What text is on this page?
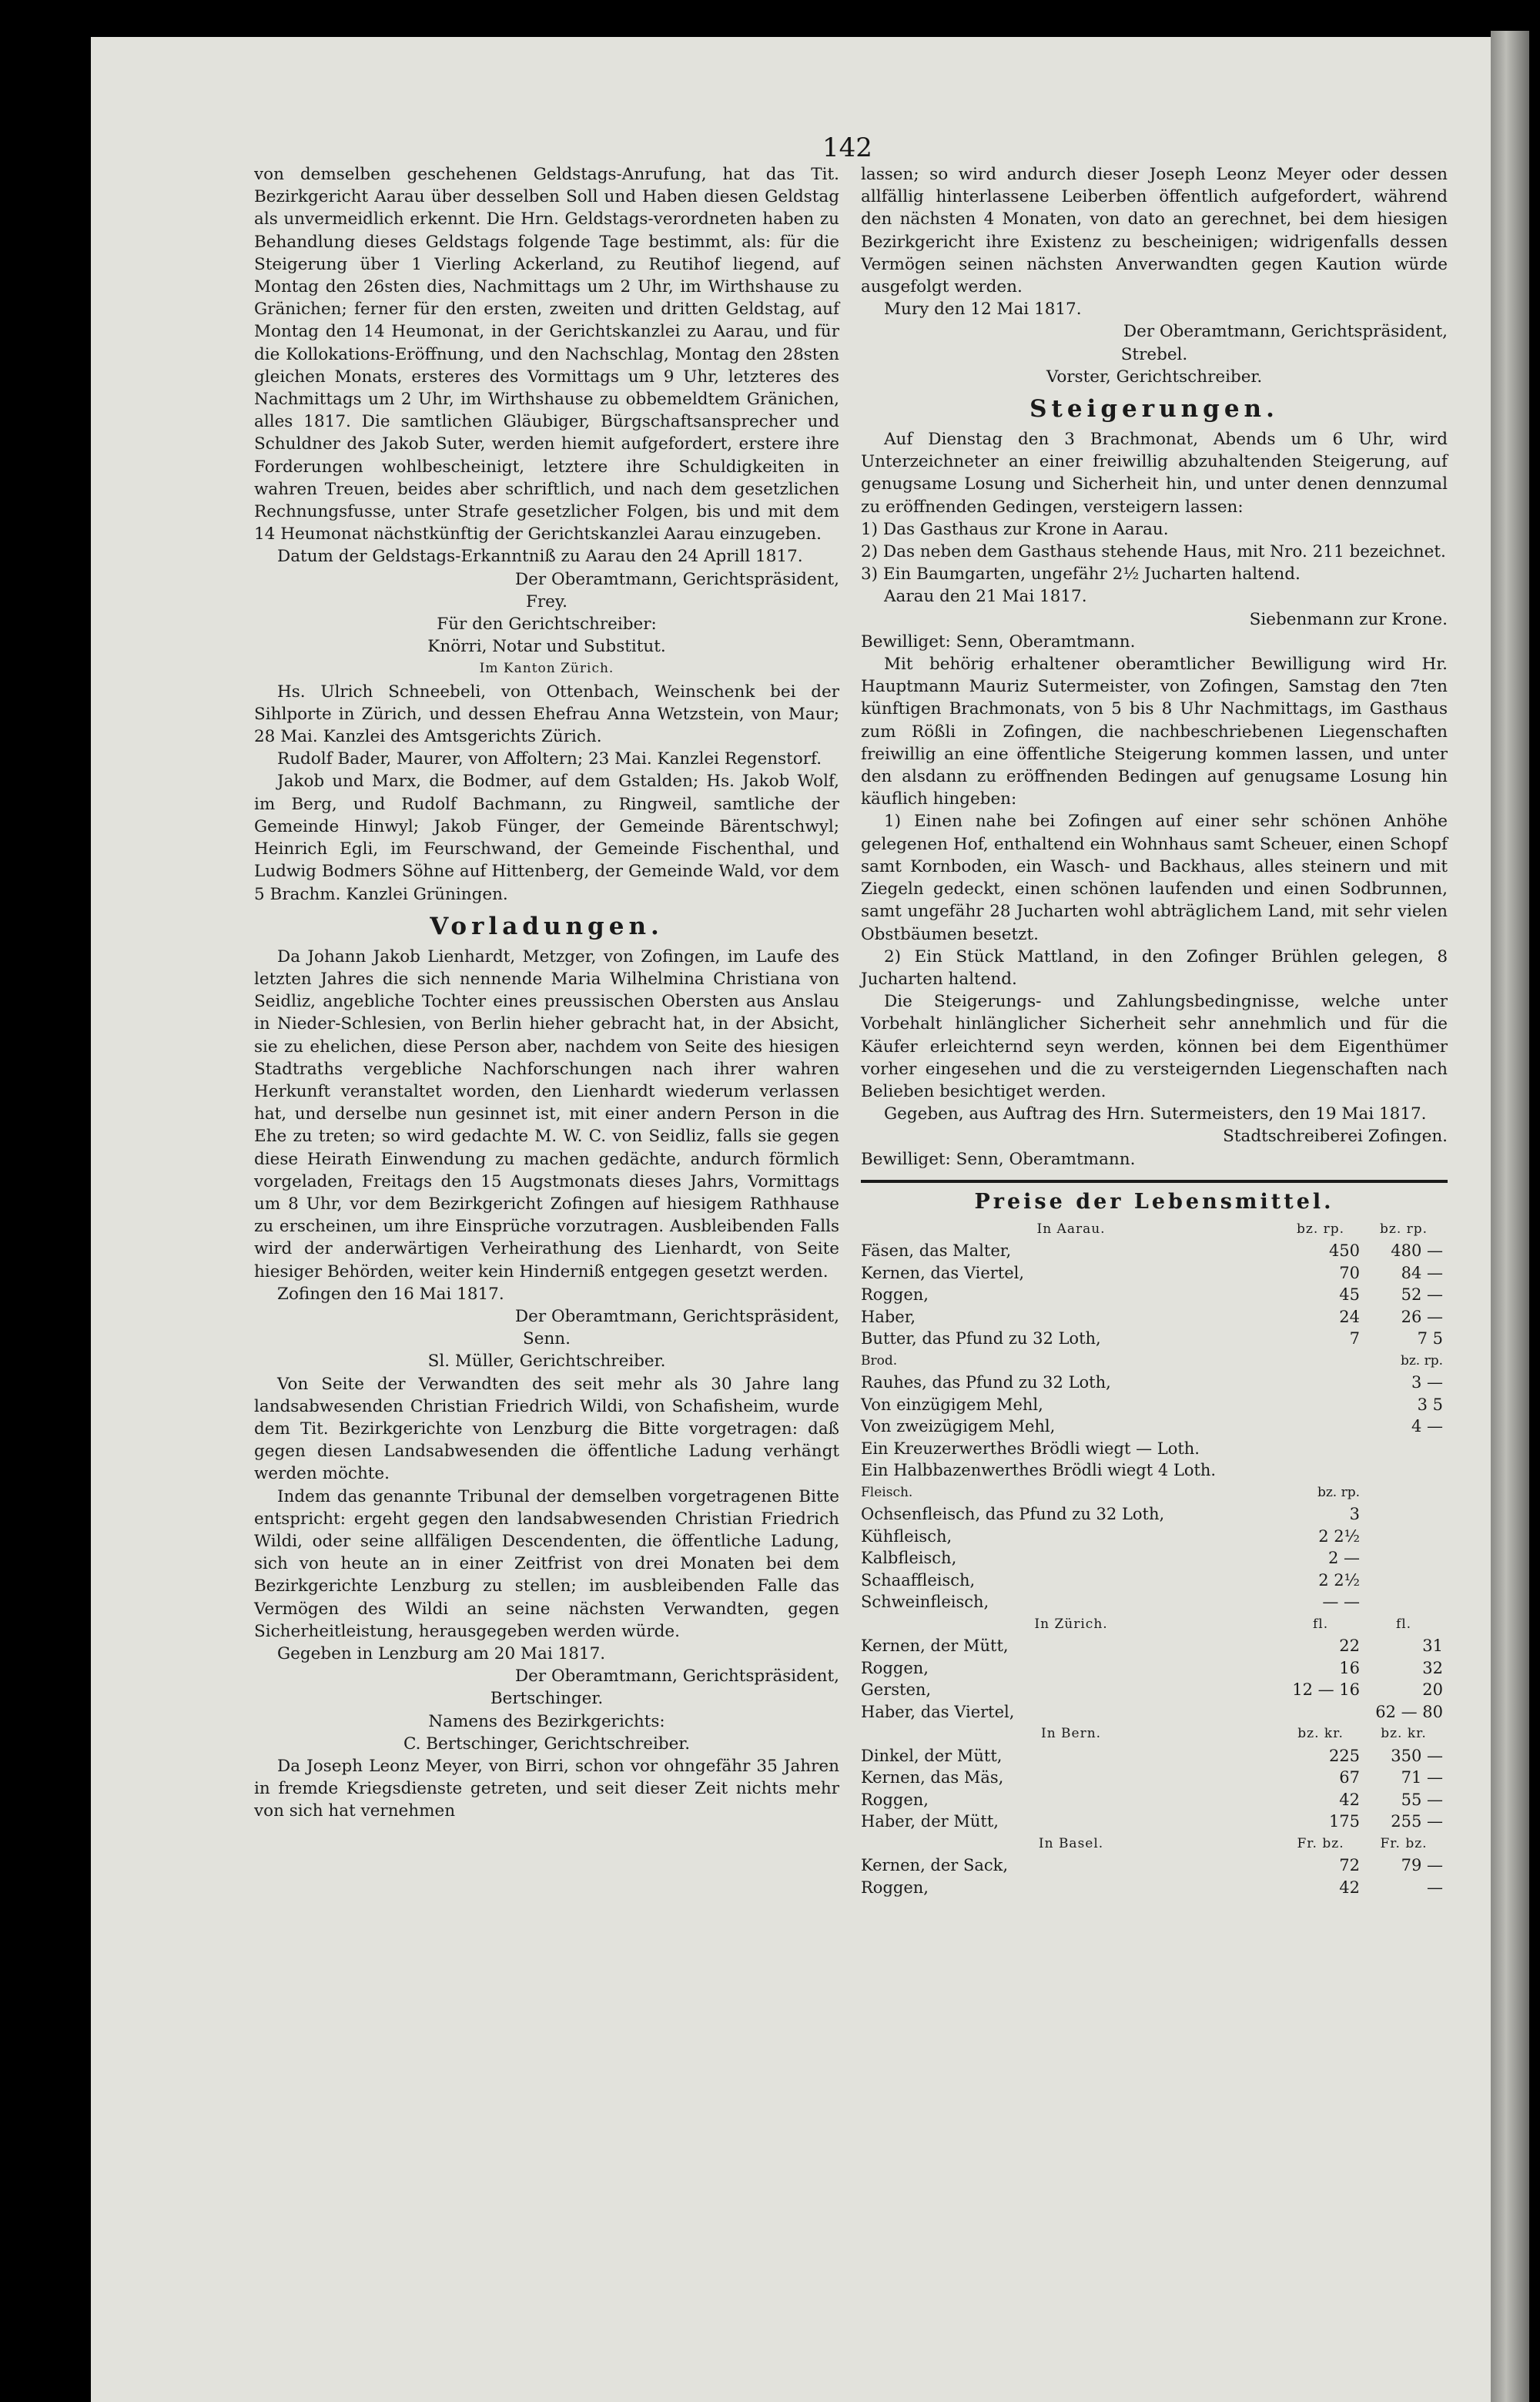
142

von demselben geschehenen Geldstags-Anrufung, hat das Tit. Bezirkgericht Aarau über desselben Soll und Haben diesen Geldstag als unvermeidlich erkennt. Die Hrn. Geldstags-verordneten haben zu Behandlung dieses Geldstags folgende Tage bestimmt, als: für die Steigerung über 1 Vierling Ackerland, zu Reutihof liegend, auf Montag den 26sten dies, Nachmittags um 2 Uhr, im Wirthshause zu Gränichen; ferner für den ersten, zweiten und dritten Geldstag, auf Montag den 14 Heumonat, in der Gerichtskanzlei zu Aarau, und für die Kollokations-Eröffnung, und den Nachschlag, Montag den 28sten gleichen Monats, ersteres des Vormittags um 9 Uhr, letzteres des Nachmittags um 2 Uhr, im Wirthshause zu obbemeldtem Gränichen, alles 1817. Die samtlichen Gläubiger, Bürgschaftsansprecher und Schuldner des Jakob Suter, werden hiemit aufgefordert, erstere ihre Forderungen wohlbescheinigt, letztere ihre Schuldigkeiten in wahren Treuen, beides aber schriftlich, und nach dem gesetzlichen Rechnungsfusse, unter Strafe gesetzlicher Folgen, bis und mit dem 14 Heumonat nächstkünftig der Gerichtskanzlei Aarau einzugeben.

Datum der Geldstags-Erkanntniß zu Aarau den 24 Aprill 1817.

Der Oberamtmann, Gerichtspräsident,

Frey.

Für den Gerichtschreiber:

Knörri, Notar und Substitut.

Im Kanton Zürich.

Hs. Ulrich Schneebeli, von Ottenbach, Weinschenk bei der Sihlporte in Zürich, und dessen Ehefrau Anna Wetzstein, von Maur; 28 Mai. Kanzlei des Amtsgerichts Zürich.

Rudolf Bader, Maurer, von Affoltern; 23 Mai. Kanzlei Regenstorf.

Jakob und Marx, die Bodmer, auf dem Gstalden; Hs. Jakob Wolf, im Berg, und Rudolf Bachmann, zu Ringweil, samtliche der Gemeinde Hinwyl; Jakob Fünger, der Gemeinde Bärentschwyl; Heinrich Egli, im Feurschwand, der Gemeinde Fischenthal, und Ludwig Bodmers Söhne auf Hittenberg, der Gemeinde Wald, vor dem 5 Brachm. Kanzlei Grüningen.

Vorladungen.

Da Johann Jakob Lienhardt, Metzger, von Zofingen, im Laufe des letzten Jahres die sich nennende Maria Wilhelmina Christiana von Seidliz, angebliche Tochter eines preussischen Obersten aus Anslau in Nieder-Schlesien, von Berlin hieher gebracht hat, in der Absicht, sie zu ehelichen, diese Person aber, nachdem von Seite des hiesigen Stadtraths vergebliche Nachforschungen nach ihrer wahren Herkunft veranstaltet worden, den Lienhardt wiederum verlassen hat, und derselbe nun gesinnet ist, mit einer andern Person in die Ehe zu treten; so wird gedachte M. W. C. von Seidliz, falls sie gegen diese Heirath Einwendung zu machen gedächte, andurch förmlich vorgeladen, Freitags den 15 Augstmonats dieses Jahrs, Vormittags um 8 Uhr, vor dem Bezirkgericht Zofingen auf hiesigem Rathhause zu erscheinen, um ihre Einsprüche vorzutragen. Ausbleibenden Falls wird der anderwärtigen Verheirathung des Lienhardt, von Seite hiesiger Behörden, weiter kein Hinderniß entgegen gesetzt werden.

Zofingen den 16 Mai 1817.

Der Oberamtmann, Gerichtspräsident,

Senn.

Sl. Müller, Gerichtschreiber.

Von Seite der Verwandten des seit mehr als 30 Jahre lang landsabwesenden Christian Friedrich Wildi, von Schafisheim, wurde dem Tit. Bezirkgerichte von Lenzburg die Bitte vorgetragen: daß gegen diesen Landsabwesenden die öffentliche Ladung verhängt werden möchte.

Indem das genannte Tribunal der demselben vorgetragenen Bitte entspricht: ergeht gegen den landsabwesenden Christian Friedrich Wildi, oder seine allfäligen Descendenten, die öffentliche Ladung, sich von heute an in einer Zeitfrist von drei Monaten bei dem Bezirkgerichte Lenzburg zu stellen; im ausbleibenden Falle das Vermögen des Wildi an seine nächsten Verwandten, gegen Sicherheitleistung, herausgegeben werden würde.

Gegeben in Lenzburg am 20 Mai 1817.

Der Oberamtmann, Gerichtspräsident,

Bertschinger.

Namens des Bezirkgerichts:

C. Bertschinger, Gerichtschreiber.

Da Joseph Leonz Meyer, von Birri, schon vor ohngefähr 35 Jahren in fremde Kriegsdienste getreten, und seit dieser Zeit nichts mehr von sich hat vernehmen

lassen; so wird andurch dieser Joseph Leonz Meyer oder dessen allfällig hinterlassene Leiberben öffentlich aufgefordert, während den nächsten 4 Monaten, von dato an gerechnet, bei dem hiesigen Bezirkgericht ihre Existenz zu bescheinigen; widrigenfalls dessen Vermögen seinen nächsten Anverwandten gegen Kaution würde ausgefolgt werden.

Mury den 12 Mai 1817.

Der Oberamtmann, Gerichtspräsident,

Strebel.

Vorster, Gerichtschreiber.

Steigerungen.

Auf Dienstag den 3 Brachmonat, Abends um 6 Uhr, wird Unterzeichneter an einer freiwillig abzuhaltenden Steigerung, auf genugsame Losung und Sicherheit hin, und unter denen dennzumal zu eröffnenden Gedingen, versteigern lassen:

1) Das Gasthaus zur Krone in Aarau.

2) Das neben dem Gasthaus stehende Haus, mit Nro. 211 bezeichnet.

3) Ein Baumgarten, ungefähr 2½ Jucharten haltend.

Aarau den 21 Mai 1817.

Siebenmann zur Krone.

Bewilliget: Senn, Oberamtmann.

Mit behörig erhaltener oberamtlicher Bewilligung wird Hr. Hauptmann Mauriz Sutermeister, von Zofingen, Samstag den 7ten künftigen Brachmonats, von 5 bis 8 Uhr Nachmittags, im Gasthaus zum Rößli in Zofingen, die nachbeschriebenen Liegenschaften freiwillig an eine öffentliche Steigerung kommen lassen, und unter den alsdann zu eröffnenden Bedingen auf genugsame Losung hin käuflich hingeben:

1) Einen nahe bei Zofingen auf einer sehr schönen Anhöhe gelegenen Hof, enthaltend ein Wohnhaus samt Scheuer, einen Schopf samt Kornboden, ein Wasch- und Backhaus, alles steinern und mit Ziegeln gedeckt, einen schönen laufenden und einen Sodbrunnen, samt ungefähr 28 Jucharten wohl abträglichem Land, mit sehr vielen Obstbäumen besetzt.

2) Ein Stück Mattland, in den Zofinger Brühlen gelegen, 8 Jucharten haltend.

Die Steigerungs- und Zahlungsbedingnisse, welche unter Vorbehalt hinlänglicher Sicherheit sehr annehmlich und für die Käufer erleichternd seyn werden, können bei dem Eigenthümer vorher eingesehen und die zu versteigernden Liegenschaften nach Belieben besichtiget werden.

Gegeben, aus Auftrag des Hrn. Sutermeisters, den 19 Mai 1817.

Stadtschreiberei Zofingen.

Bewilliget: Senn, Oberamtmann.

Preise der Lebensmittel.
In Aarau.	bz. rp.	bz. rp.
Fäsen, das Malter,	450	480 —
Kernen, das Viertel,	70	84 —
Roggen,	45	52 —
Haber,	24	26 —
Butter, das Pfund zu 32 Loth,	7	7 5
Brod.		bz. rp.
Rauhes, das Pfund zu 32 Loth,		3 —
Von einzügigem Mehl,		3 5
Von zweizügigem Mehl,		4 —
Ein Kreuzerwerthes Brödli wiegt — Loth.		
Ein Halbbazenwerthes Brödli wiegt 4 Loth.		
Fleisch.	bz. rp.	
Ochsenfleisch, das Pfund zu 32 Loth,	3	
Kühfleisch,	2 2½	
Kalbfleisch,	2 —	
Schaaffleisch,	2 2½	
Schweinfleisch,	— —	
In Zürich.	fl.	fl.
Kernen, der Mütt,	22	31
Roggen,	16	32
Gersten,	12 — 16	20
Haber, das Viertel,		62 — 80
In Bern.	bz. kr.	bz. kr.
Dinkel, der Mütt,	225	350 —
Kernen, das Mäs,	67	71 —
Roggen,	42	55 —
Haber, der Mütt,	175	255 —
In Basel.	Fr. bz.	Fr. bz.
Kernen, der Sack,	72	79 —
Roggen,	42	—
